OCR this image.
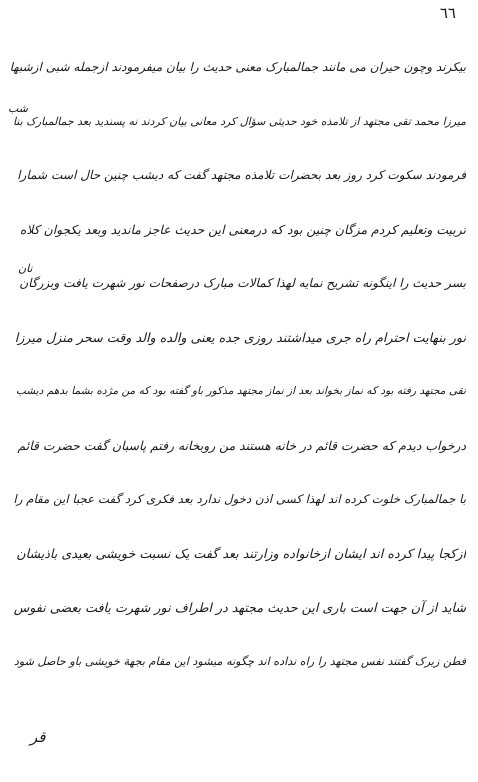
٦٦
شب
نان
بیکرند وچون حیران می مانند جمالمبارک معنی حدیث را بیان میفرمودند ازجمله شبی ازشبها
میرزا محمد تقی مجتهد از تلامذه خود حدیثی سؤال کرد معانی بیان کردند نه پسندید بعد جمالمبارک بنا
فرمودند سکوت کرد روز بعد بحضرات تلامذه مجتهد گفت که دیشب چنین حال است شمارا
تربیت وتعلیم کردم مزگان چنین بود که درمعنی این حدیث عاجز ماندید وبعد یکجوان کلاه
بسر حدیث را اینگونه تشریح نمایه لهذا کمالات مبارک درصفحات نور شهرت یافت وبزرگان
نور بنهایت احترام راه جری میداشتند روزی جده یعنی والده والد وقت سحر منزل میرزا
تقی مجتهد رفته بود که نماز بخواند بعد از نماز مجتهد مذکور باو گفته بود که من مژده بشما بدهم دیشب
درخواب دیدم که حضرت قائم در خانه هستند من روبخانه رفتم پاسبان گفت حضرت قائم
با جمالمبارک خلوت کرده اند لهذا کسی اذن دخول ندارد بعد فکری کرد گفت عجبا این مقام را
ازکجا پیدا کرده اند ایشان ازخانواده وزارتند بعد گفت یک نسبت خویشی بعیدی باذیشان
شاید از آن جهت است باری این حدیث مجتهد در اطراف نور شهرت یافت بعضی نفوس
فطن زیرک گفتند نفس مجتهد را راه نداده اند چگونه میشود این مقام بجهة خویشی باو حاصل شود
قر
